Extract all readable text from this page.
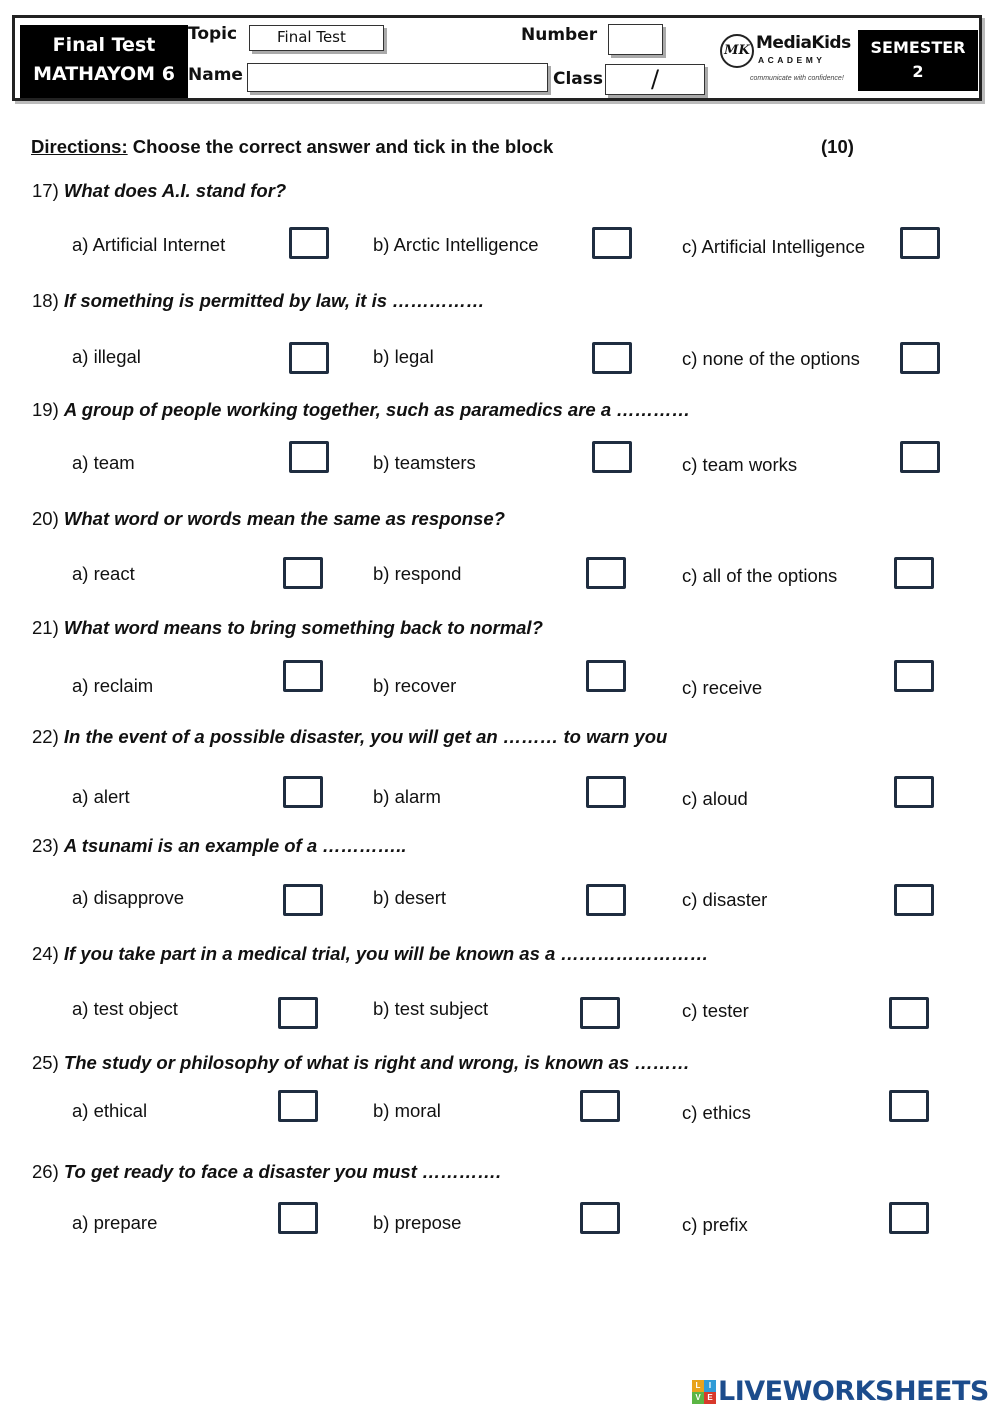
Final Test
MATHAYOM 6
Topic	Final Test
Name
Number
Class	/
MK MediaKids
ACADEMY
communicate with confidence!
SEMESTER
2
Directions: Choose the correct answer and tick in the block	(10)
17) What does A.I. stand for?
a) Artificial Internet	b) Arctic Intelligence	c) Artificial Intelligence
18) If something is permitted by law, it is ……………
a) illegal	b) legal	c) none of the options
19) A group of people working together, such as paramedics are a …………
a) team	b) teamsters	c) team works
20) What word or words mean the same as response?
a) react	b) respond	c) all of the options
21) What word means to bring something back to normal?
a) reclaim	b) recover	c) receive
22) In the event of a possible disaster, you will get an ……… to warn you
a) alert	b) alarm	c) aloud
23) A tsunami is an example of a …………..
a) disapprove	b) desert	c) disaster
24) If you take part in a medical trial, you will be known as a ……………………
a) test object	b) test subject	c) tester
25) The study or philosophy of what is right and wrong, is known as ………
a) ethical	b) moral	c) ethics
26) To get ready to face a disaster you must ………….
a) prepare	b) prepose	c) prefix
L	I
V E LIVEWORKSHEETS
